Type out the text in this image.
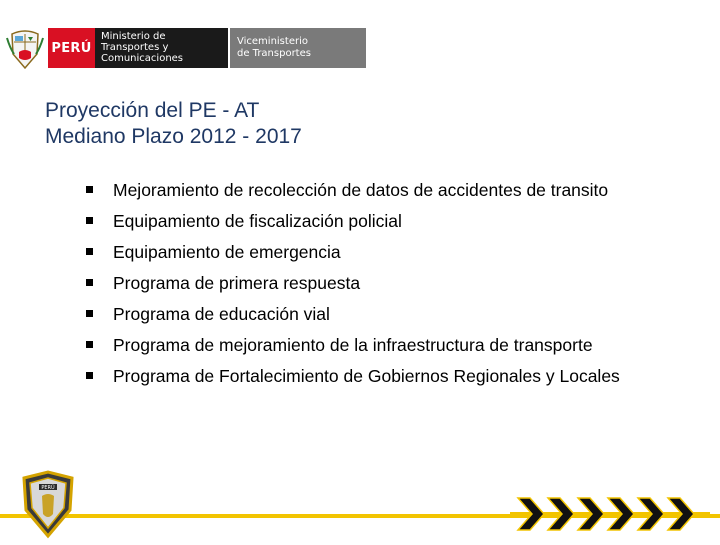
PERÚ
Ministerio de
Transportes y
Comunicaciones
Viceministerio
de Transportes
Proyección del PE - AT
Mediano Plazo 2012 - 2017
Mejoramiento de recolección de datos de accidentes de transito
Equipamiento de fiscalización policial
Equipamiento de emergencia
Programa de primera respuesta
Programa de educación vial
Programa de mejoramiento de la infraestructura de transporte
Programa de Fortalecimiento de Gobiernos Regionales y Locales
PERÚ
